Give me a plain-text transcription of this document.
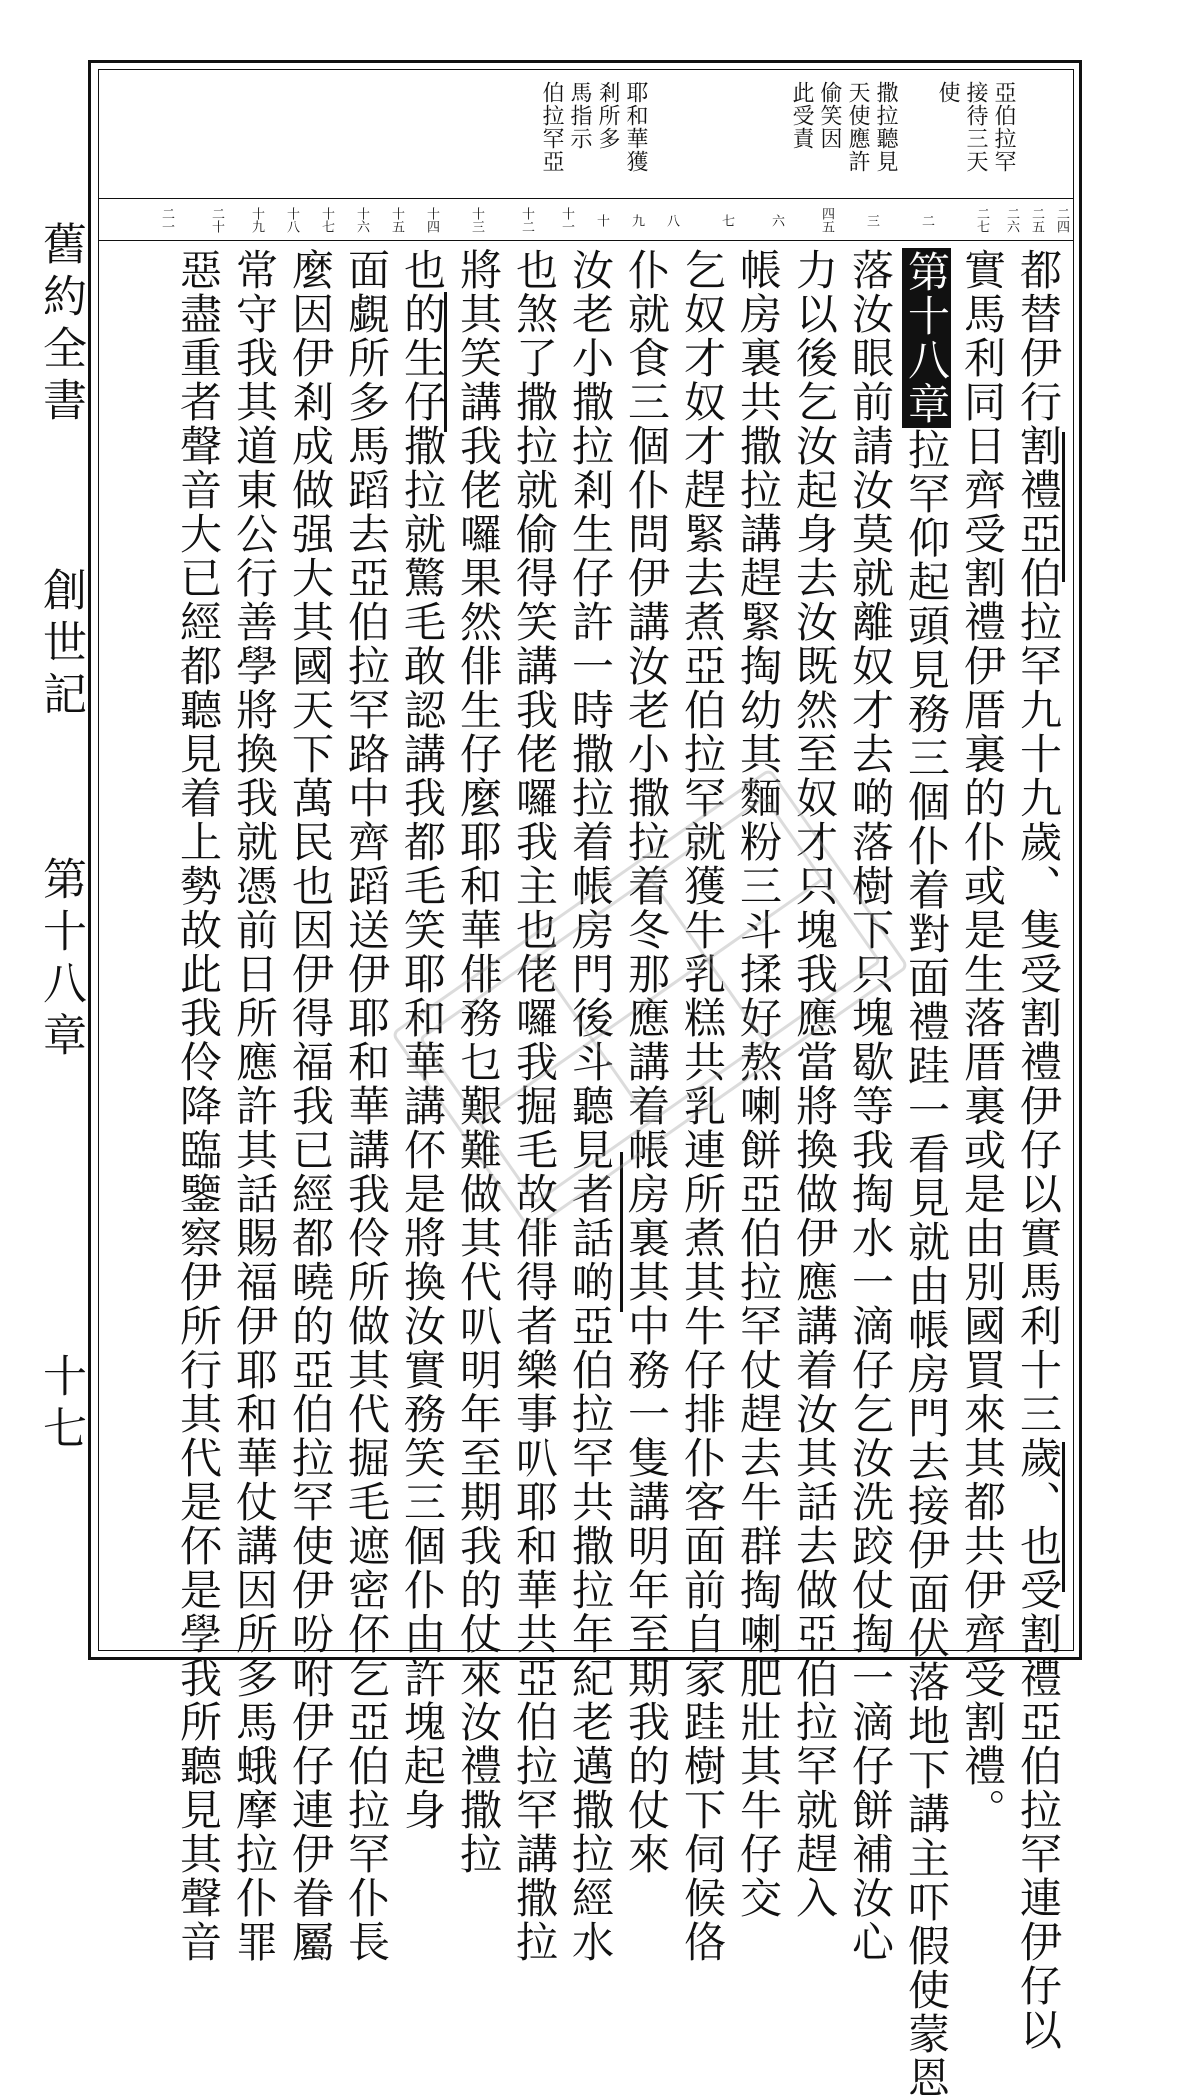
舊約全書
創世記
第十八章
十七
亞伯拉罕
接待三天
使
撒拉聽見
天使應許
偷笑因
此受責
耶和華獲
剎所多
馬指示
伯拉罕亞
二四
二五
二六
二七
二
三
四五
六
七
八
九
十
十一
十二
十三
十四
十五
十六
十七
十八
十九
二十
二一
都替伊行割禮亞伯拉罕九十九歲、隻受割禮伊仔以實馬利十三歲、也受割禮亞伯拉罕連伊仔以
實馬利同日齊受割禮伊厝裏的仆或是生落厝裏或是由別國買來其都共伊齊受割禮。
第十八章拉罕仰起頭見務三個仆着對面禮跬一看見就由帳房門去接伊面伏落地下講主吓假使蒙恩
落汝眼前請汝莫就離奴才去啲落樹下只塊歇等我掏水一滴仔乞汝洗跤仗掏一滴仔餅補汝心
力以後乞汝起身去汝既然至奴才只塊我應當將換做伊應講着汝其話去做亞伯拉罕就趕入
帳房裏共撒拉講趕緊掏幼其麵粉三斗揉好熬喇餅亞伯拉罕仗趕去牛群掏喇肥壯其牛仔交
乞奴才奴才趕緊去煮亞伯拉罕就獲牛乳糕共乳連所煮其牛仔排仆客面前自家跬樹下伺候佫
仆就食三個仆問伊講汝老小撒拉着冬那應講着帳房裏其中務一隻講明年至期我的仗來
汝老小撒拉剎生仔許一時撒拉着帳房門後斗聽見者話啲亞伯拉罕共撒拉年紀老邁撒拉經水
也煞了撒拉就偷得笑講我佬囉我主也佬囉我掘毛故俳得者樂事叭耶和華共亞伯拉罕講撒拉
將其笑講我佬囉果然俳生仔麼耶和華俳務乜艱難做其代叭明年至期我的仗來汝禮撒拉
也的生仔撒拉就驚毛敢認講我都毛笑耶和華講伓是將換汝實務笑三個仆由許塊起身
面覷所多馬蹈去亞伯拉罕路中齊蹈送伊耶和華講我伶所做其代掘毛遮密伓乞亞伯拉罕仆長
麼因伊剎成做强大其國天下萬民也因伊得福我已經都曉的亞伯拉罕使伊吩咐伊仔連伊眷屬
常守我其道東公行善學將換我就憑前日所應許其話賜福伊耶和華仗講因所多馬蛾摩拉仆罪
惡盡重者聲音大已經都聽見着上勢故此我伶降臨鑒察伊所行其代是伓是學我所聽見其聲音
